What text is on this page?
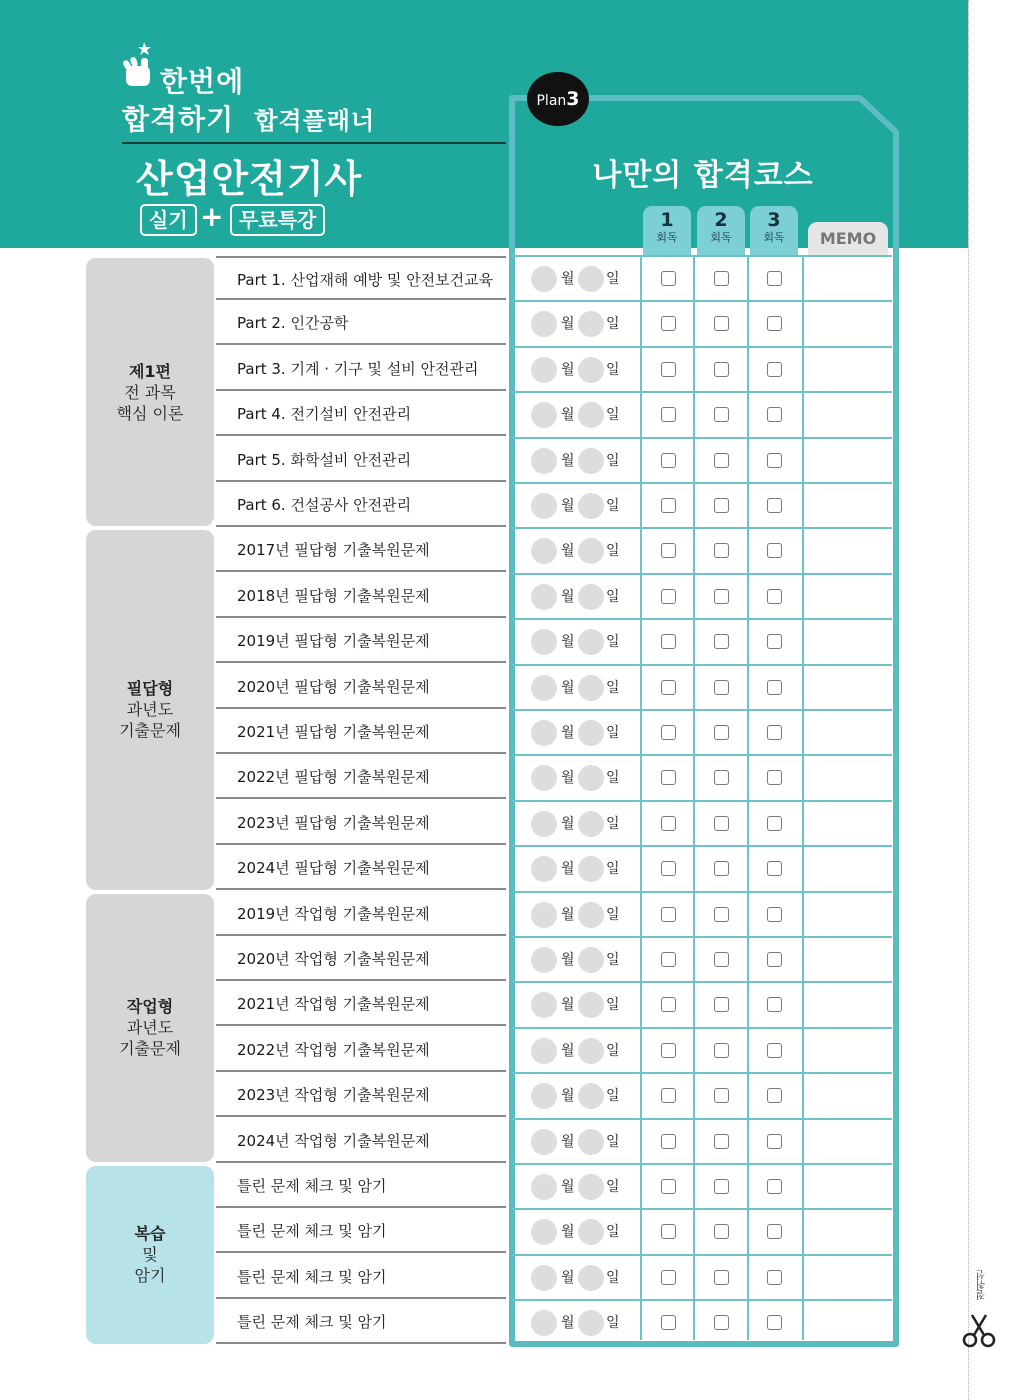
한번에
합격하기 합격플래너
산업안전기사
실기 + 무료특강
Plan3
나만의 합격코스
1
회독
2
회독
3
회독	MEMO
제1편
전 과목
핵심 이론
Part 1. 산업재해 예방 및 안전보건교육	월 일
Part 2. 인간공학	월 일
Part 3. 기계 · 기구 및 설비 안전관리	월 일
Part 4. 전기설비 안전관리	월 일
Part 5. 화학설비 안전관리	월 일
Part 6. 건설공사 안전관리	월 일
필답형
과년도
기출문제
2017년 필답형 기출복원문제	월 일
2018년 필답형 기출복원문제	월 일
2019년 필답형 기출복원문제	월 일
2020년 필답형 기출복원문제	월 일
2021년 필답형 기출복원문제	월 일
2022년 필답형 기출복원문제	월 일
2023년 필답형 기출복원문제	월 일
2024년 필답형 기출복원문제	월 일
작업형
과년도
기출문제
2019년 작업형 기출복원문제	월 일
2020년 작업형 기출복원문제	월 일
2021년 작업형 기출복원문제	월 일
2022년 작업형 기출복원문제	월 일
2023년 작업형 기출복원문제	월 일
2024년 작업형 기출복원문제	월 일
복습
및
암기
틀린 문제 체크 및 암기	월 일
틀린 문제 체크 및 암기	월 일
틀린 문제 체크 및 암기	월 일
틀린 문제 체크 및 암기	월 일
절취선
